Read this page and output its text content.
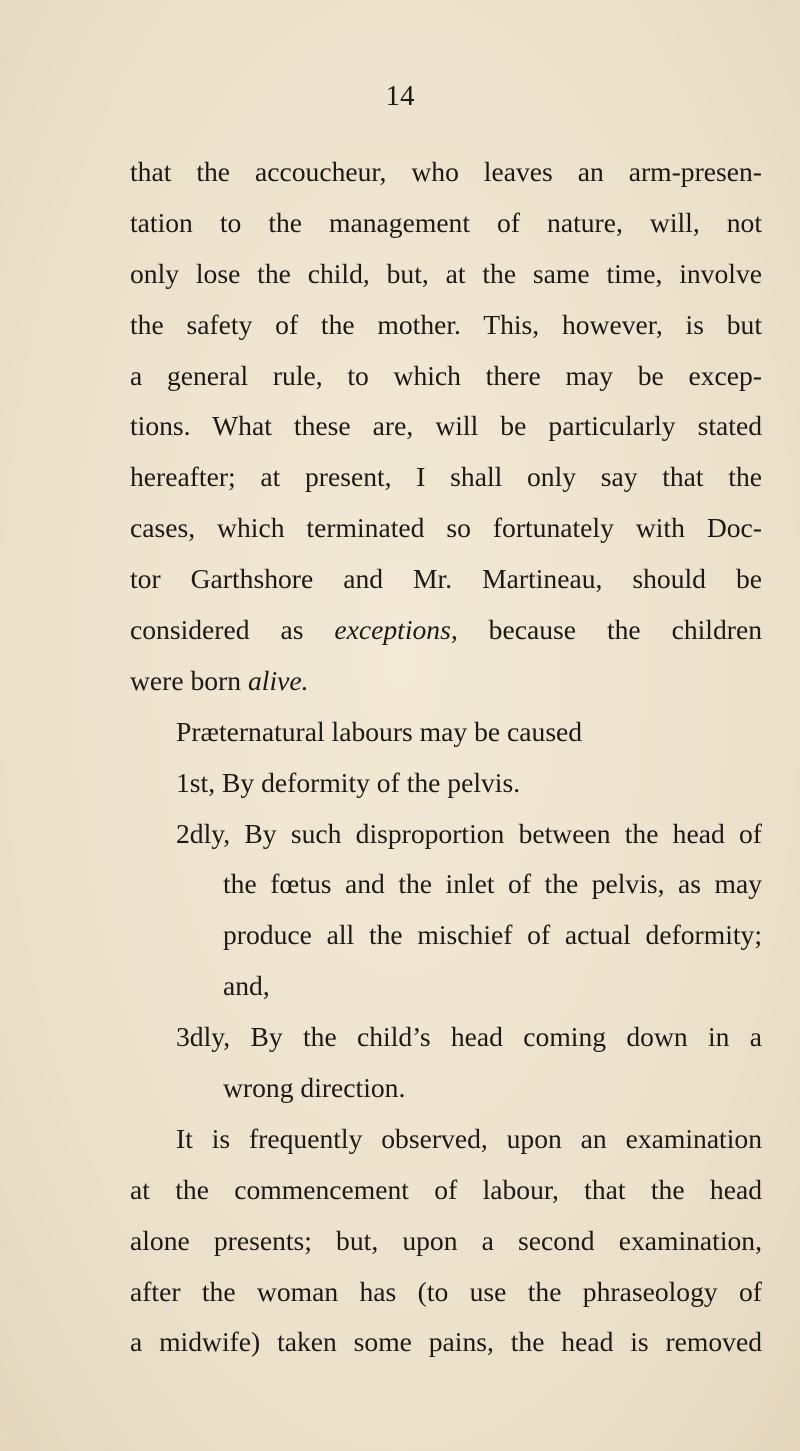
14
that the accoucheur, who leaves an arm-presen-
tation to the management of nature, will, not
only lose the child, but, at the same time, involve
the safety of the mother. This, however, is but
a general rule, to which there may be excep-
tions. What these are, will be particularly stated
hereafter; at present, I shall only say that the
cases, which terminated so fortunately with Doc-
tor Garthshore and Mr. Martineau, should be
considered as exceptions, because the children
were born alive.
Præternatural labours may be caused
1st, By deformity of the pelvis.
2dly, By such disproportion between the head of
the fœtus and the inlet of the pelvis, as may
produce all the mischief of actual deformity;
and,
3dly, By the child’s head coming down in a
wrong direction.
It is frequently observed, upon an examination
at the commencement of labour, that the head
alone presents; but, upon a second examination,
after the woman has (to use the phraseology of
a midwife) taken some pains, the head is removed
